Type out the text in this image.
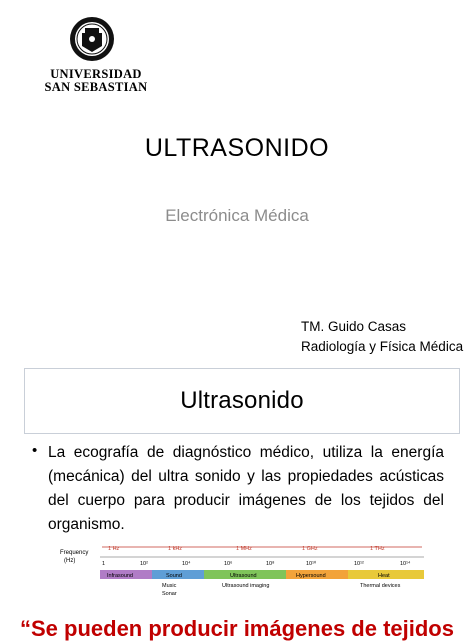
UNIVERSIDAD
SAN SEBASTIAN
ULTRASONIDO
Electrónica Médica
TM. Guido Casas
Radiología y Física Médica
Ultrasonido
• La ecografía de diagnóstico médico, utiliza la energía (mecánica) del ultra sonido y las propiedades acústicas del cuerpo para producir imágenes de los tejidos del organismo.
Frequency
(Hz)
1 Hz	1 kHz	1 MHz	1 GHz	1 THz
1	10²	10⁴	10⁶	10⁸	10¹⁰	10¹²	10¹⁴
Infrasound	Sound	Ultrasound	Hypersound	Heat
Music
Sonar
Ultrasound imaging	Thermal devices
“Se pueden producir imágenes de tejidos
